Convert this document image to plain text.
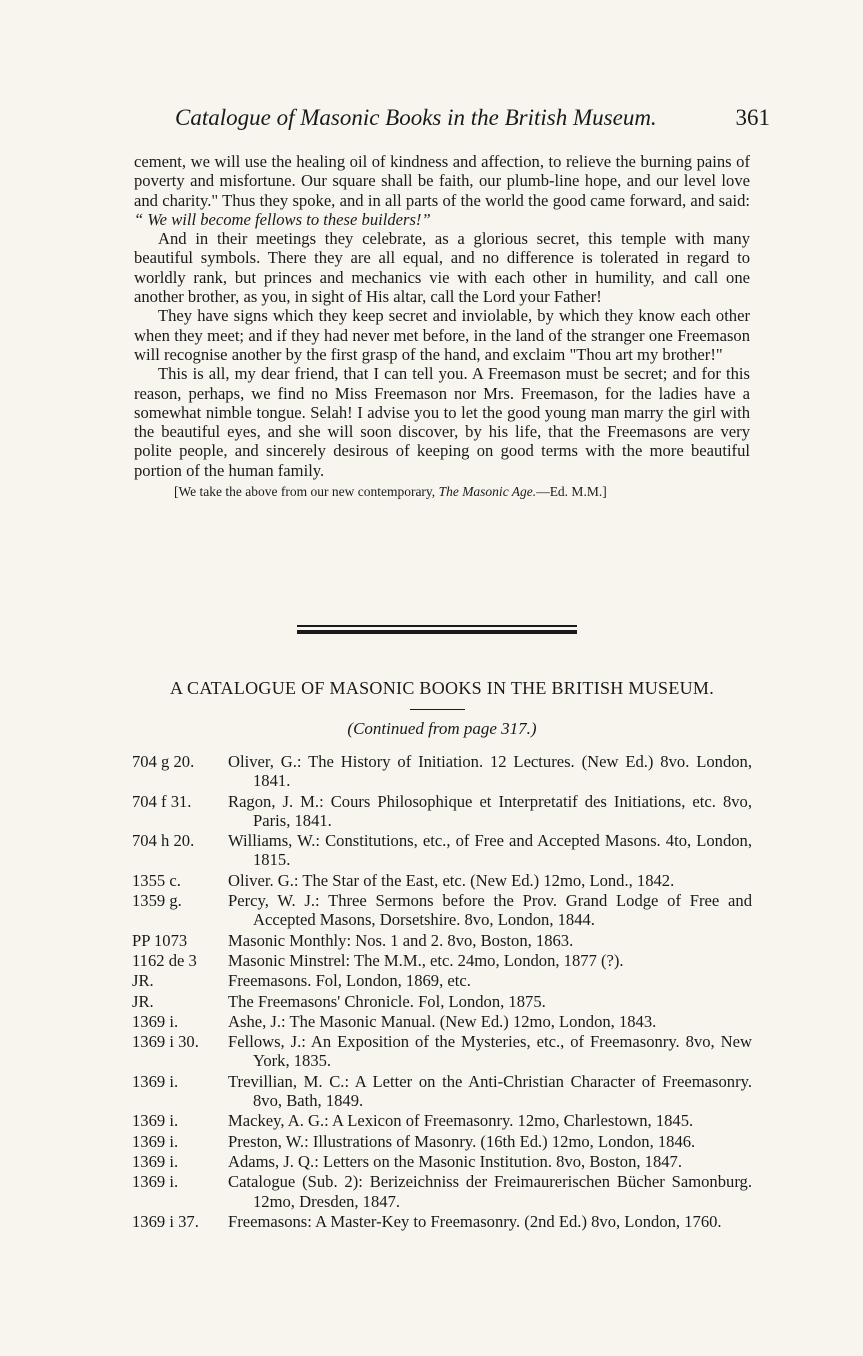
Catalogue of Masonic Books in the British Museum.	361

cement, we will use the healing oil of kindness and affection, to relieve the burning pains of poverty and misfortune. Our square shall be faith, our plumb-line hope, and our level love and charity." Thus they spoke, and in all parts of the world the good came forward, and said: “ We will become fellows to these builders!”

And in their meetings they celebrate, as a glorious secret, this temple with many beautiful symbols. There they are all equal, and no difference is tolerated in regard to worldly rank, but princes and mechanics vie with each other in humility, and call one another brother, as you, in sight of His altar, call the Lord your Father!

They have signs which they keep secret and inviolable, by which they know each other when they meet; and if they had never met before, in the land of the stranger one Freemason will recognise another by the first grasp of the hand, and exclaim "Thou art my brother!"

This is all, my dear friend, that I can tell you. A Freemason must be secret; and for this reason, perhaps, we find no Miss Freemason nor Mrs. Freemason, for the ladies have a somewhat nimble tongue. Selah! I advise you to let the good young man marry the girl with the beautiful eyes, and she will soon discover, by his life, that the Freemasons are very polite people, and sincerely desirous of keeping on good terms with the more beautiful portion of the human family.

[We take the above from our new contemporary, The Masonic Age.—Ed. M.M.]

A CATALOGUE OF MASONIC BOOKS IN THE BRITISH MUSEUM.
(Continued from page 317.)
704 g 20.	Oliver, G.: The History of Initiation. 12 Lectures. (New Ed.) 8vo. London, 1841.
704 f 31.	Ragon, J. M.: Cours Philosophique et Interpretatif des Initiations, etc. 8vo, Paris, 1841.
704 h 20.	Williams, W.: Constitutions, etc., of Free and Accepted Masons. 4to, London, 1815.
1355 c.	Oliver. G.: The Star of the East, etc. (New Ed.) 12mo, Lond., 1842.
1359 g.	Percy, W. J.: Three Sermons before the Prov. Grand Lodge of Free and Accepted Masons, Dorsetshire. 8vo, London, 1844.
PP 1073	Masonic Monthly: Nos. 1 and 2. 8vo, Boston, 1863.
1162 de 3	Masonic Minstrel: The M.M., etc. 24mo, London, 1877 (?).
JR.	Freemasons. Fol, London, 1869, etc.
JR.	The Freemasons' Chronicle. Fol, London, 1875.
1369 i.	Ashe, J.: The Masonic Manual. (New Ed.) 12mo, London, 1843.
1369 i 30.	Fellows, J.: An Exposition of the Mysteries, etc., of Freemasonry. 8vo, New York, 1835.
1369 i.	Trevillian, M. C.: A Letter on the Anti-Christian Character of Freemasonry. 8vo, Bath, 1849.
1369 i.	Mackey, A. G.: A Lexicon of Freemasonry. 12mo, Charlestown, 1845.
1369 i.	Preston, W.: Illustrations of Masonry. (16th Ed.) 12mo, London, 1846.
1369 i.	Adams, J. Q.: Letters on the Masonic Institution. 8vo, Boston, 1847.
1369 i.	Catalogue (Sub. 2): Berizeichniss der Freimaurerischen Bücher Samonburg. 12mo, Dresden, 1847.
1369 i 37.	Freemasons: A Master-Key to Freemasonry. (2nd Ed.) 8vo, London, 1760.
